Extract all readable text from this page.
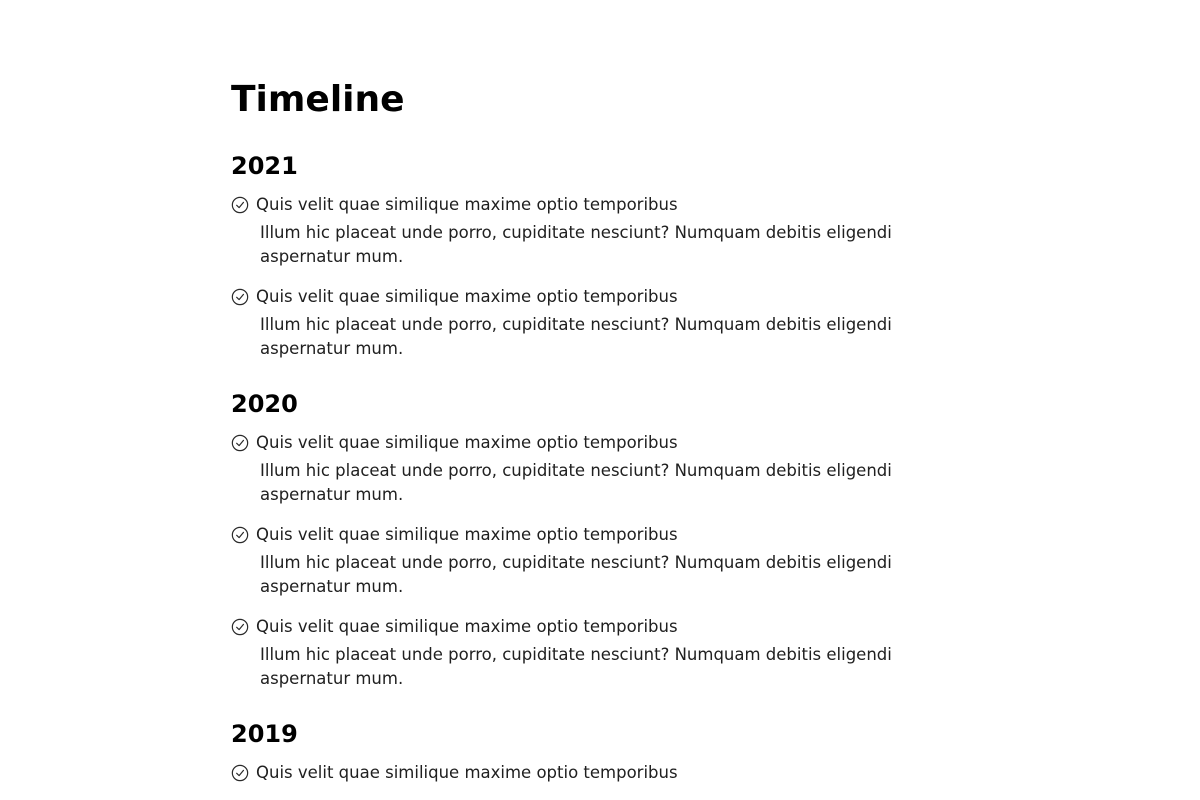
Timeline
2021
Quis velit quae similique maxime optio temporibus

Illum hic placeat unde porro, cupiditate nesciunt? Numquam debitis eligendi aspernatur mum.

Quis velit quae similique maxime optio temporibus

Illum hic placeat unde porro, cupiditate nesciunt? Numquam debitis eligendi aspernatur mum.

2020
Quis velit quae similique maxime optio temporibus

Illum hic placeat unde porro, cupiditate nesciunt? Numquam debitis eligendi aspernatur mum.

Quis velit quae similique maxime optio temporibus

Illum hic placeat unde porro, cupiditate nesciunt? Numquam debitis eligendi aspernatur mum.

Quis velit quae similique maxime optio temporibus

Illum hic placeat unde porro, cupiditate nesciunt? Numquam debitis eligendi aspernatur mum.

2019
Quis velit quae similique maxime optio temporibus
